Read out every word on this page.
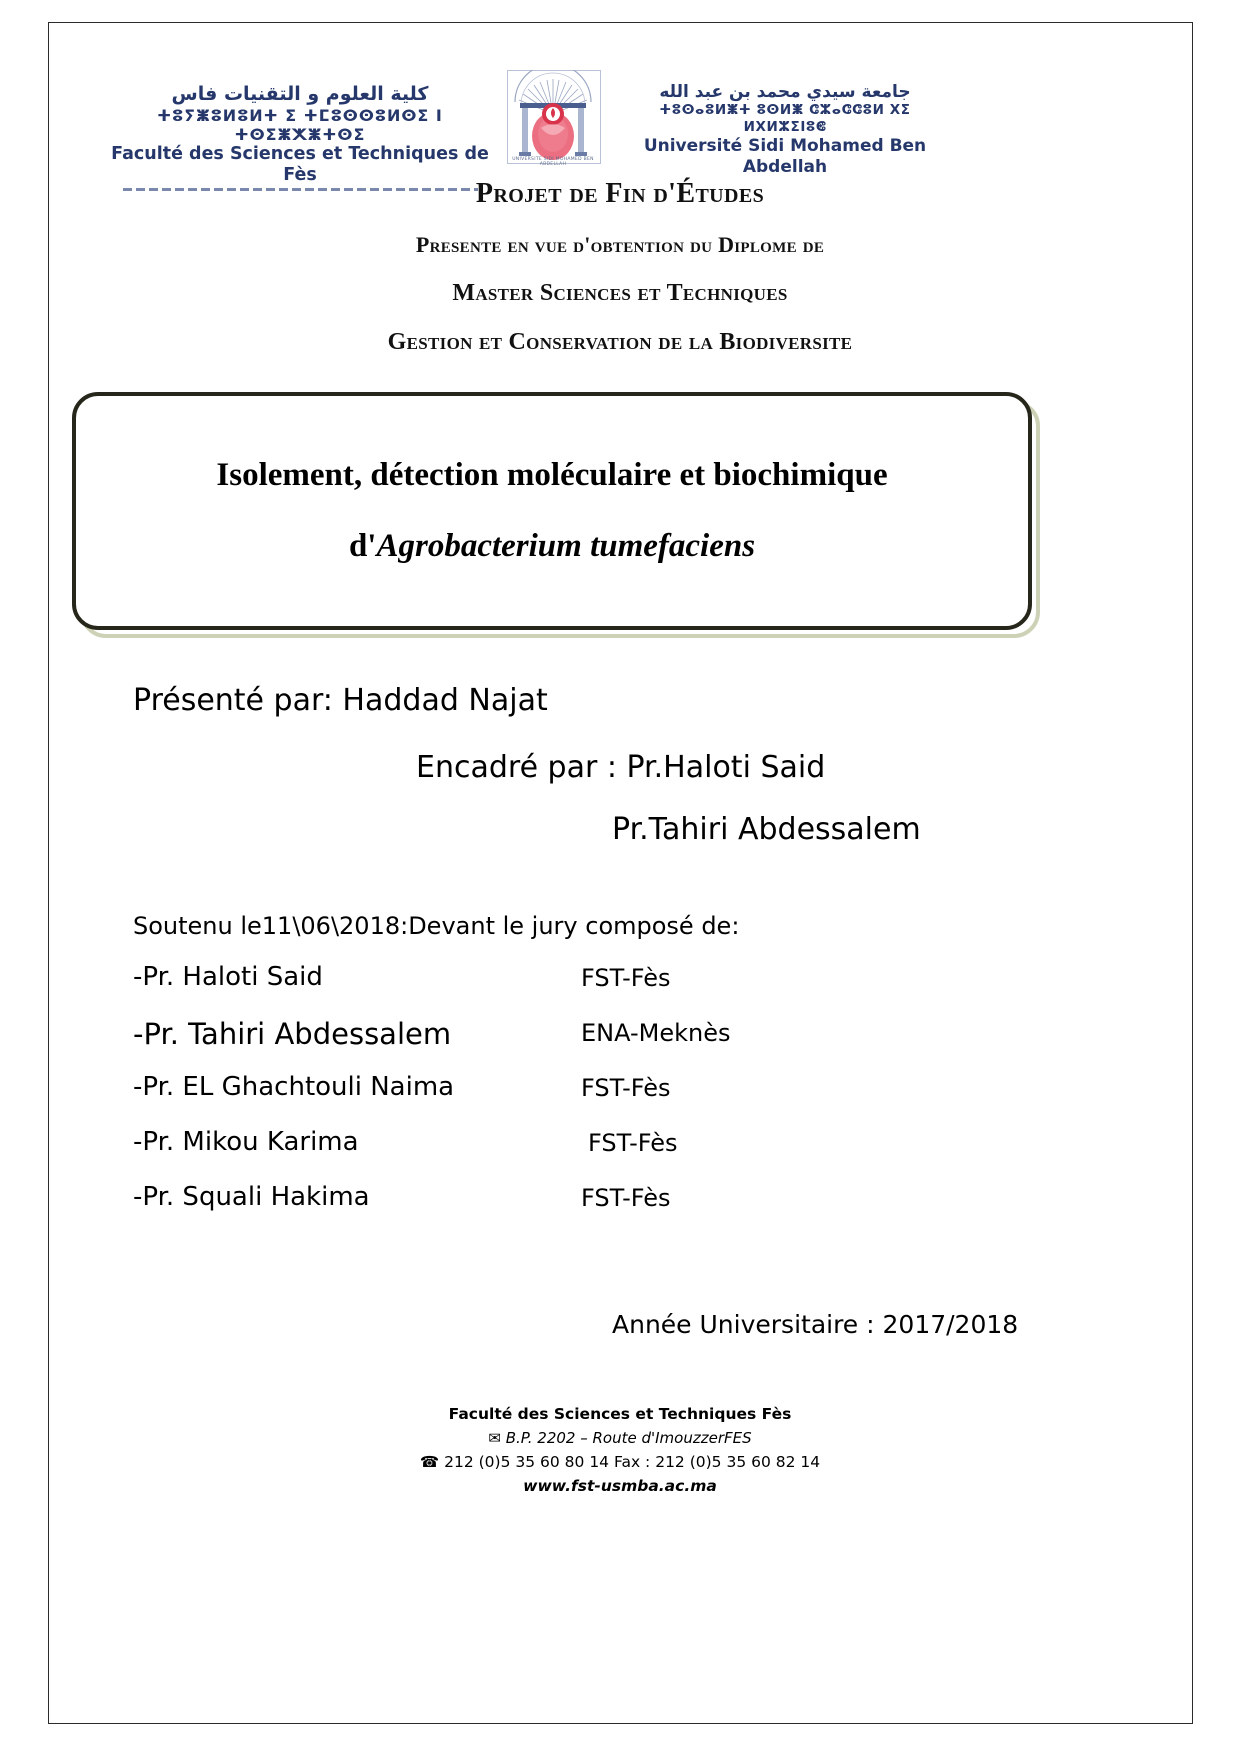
كلية العلوم و التقنيات فاس
ⵜⵓⵢⵥⵓⵍⵓⵍⵜ ⵉ ⵜⵎⵓⵙⵙⵓⵍⵙⵉ ⵏ ⵜⵙⵉⵥⵅⵥⵜⵙⵉ
Faculté des Sciences et Techniques de Fès
UNIVERSITE SIDI MOHAMED BEN ABDELLAH
جامعة سيدي محمد بن عبد الله
ⵜⵓⵙⴰⵓⵍⵥⵜ ⵓⵙⵍⵥ ⵛⵣⴰⵛⵛⵓⵍ ⵝⵉ ⵍⵝⵍⵣⵉⵏⵓⵞ
Université Sidi Mohamed Ben Abdellah
Projet de Fin d'Études
Presente en vue d'obtention du Diplome de
Master Sciences et Techniques
Gestion et Conservation de la Biodiversite
Isolement, détection moléculaire et biochimique
d'Agrobacterium tumefaciens
Présenté par: Haddad Najat
Encadré par : Pr.Haloti Said
Pr.Tahiri Abdessalem
Soutenu le11\06\2018:Devant le jury composé de:
-Pr. Haloti Said	FST-Fès
-Pr. Tahiri Abdessalem	ENA-Meknès
-Pr. EL Ghachtouli Naima	FST-Fès
-Pr. Mikou Karima	FST-Fès
-Pr. Squali Hakima	FST-Fès
Année Universitaire : 2017/2018
Faculté des Sciences et Techniques Fès
✉ B.P. 2202 – Route d'ImouzzerFES
☎ 212 (0)5 35 60 80 14 Fax : 212 (0)5 35 60 82 14
www.fst-usmba.ac.ma
